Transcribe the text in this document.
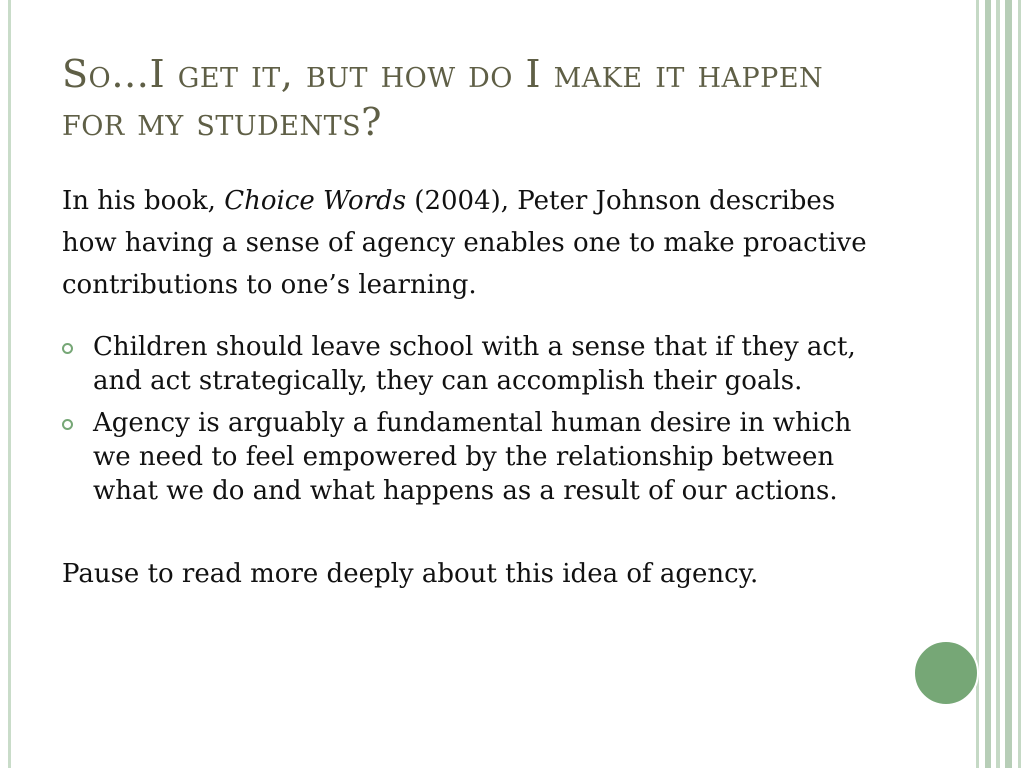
So…I get it, but how do I make it happen for my students?

In his book, Choice Words (2004), Peter Johnson describes how having a sense of agency enables one to make proactive contributions to one’s learning.

Children should leave school with a sense that if they act, and act strategically, they can accomplish their goals.
Agency is arguably a fundamental human desire in which we need to feel empowered by the relationship between what we do and what happens as a result of our actions.

Pause to read more deeply about this idea of agency.
